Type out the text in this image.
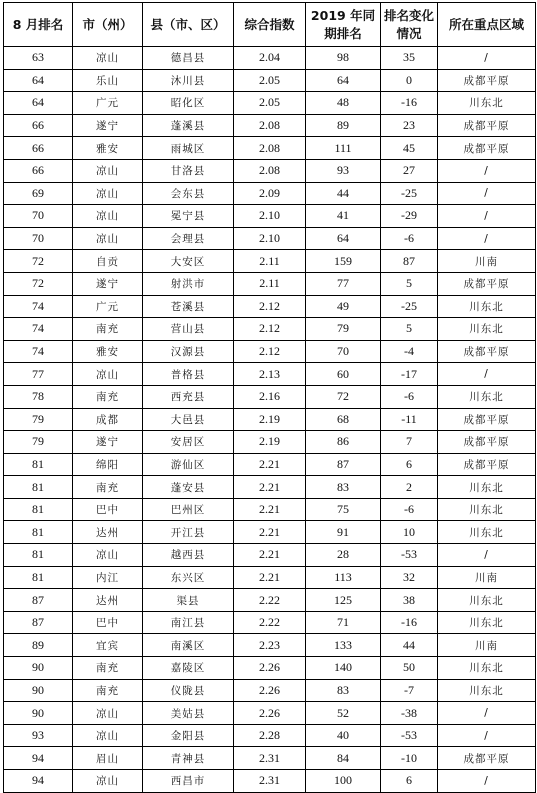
8 月排名	市（州）	县（市、区）	综合指数	2019 年同期排名	排名变化情况	所在重点区域
63	凉山	德昌县	2.04	98	35	/
64	乐山	沐川县	2.05	64	0	成都平原
64	广元	昭化区	2.05	48	-16	川东北
66	遂宁	蓬溪县	2.08	89	23	成都平原
66	雅安	雨城区	2.08	111	45	成都平原
66	凉山	甘洛县	2.08	93	27	/
69	凉山	会东县	2.09	44	-25	/
70	凉山	冕宁县	2.10	41	-29	/
70	凉山	会理县	2.10	64	-6	/
72	自贡	大安区	2.11	159	87	川南
72	遂宁	射洪市	2.11	77	5	成都平原
74	广元	苍溪县	2.12	49	-25	川东北
74	南充	营山县	2.12	79	5	川东北
74	雅安	汉源县	2.12	70	-4	成都平原
77	凉山	普格县	2.13	60	-17	/
78	南充	西充县	2.16	72	-6	川东北
79	成都	大邑县	2.19	68	-11	成都平原
79	遂宁	安居区	2.19	86	7	成都平原
81	绵阳	游仙区	2.21	87	6	成都平原
81	南充	蓬安县	2.21	83	2	川东北
81	巴中	巴州区	2.21	75	-6	川东北
81	达州	开江县	2.21	91	10	川东北
81	凉山	越西县	2.21	28	-53	/
81	内江	东兴区	2.21	113	32	川南
87	达州	渠县	2.22	125	38	川东北
87	巴中	南江县	2.22	71	-16	川东北
89	宜宾	南溪区	2.23	133	44	川南
90	南充	嘉陵区	2.26	140	50	川东北
90	南充	仪陇县	2.26	83	-7	川东北
90	凉山	美姑县	2.26	52	-38	/
93	凉山	金阳县	2.28	40	-53	/
94	眉山	青神县	2.31	84	-10	成都平原
94	凉山	西昌市	2.31	100	6	/
